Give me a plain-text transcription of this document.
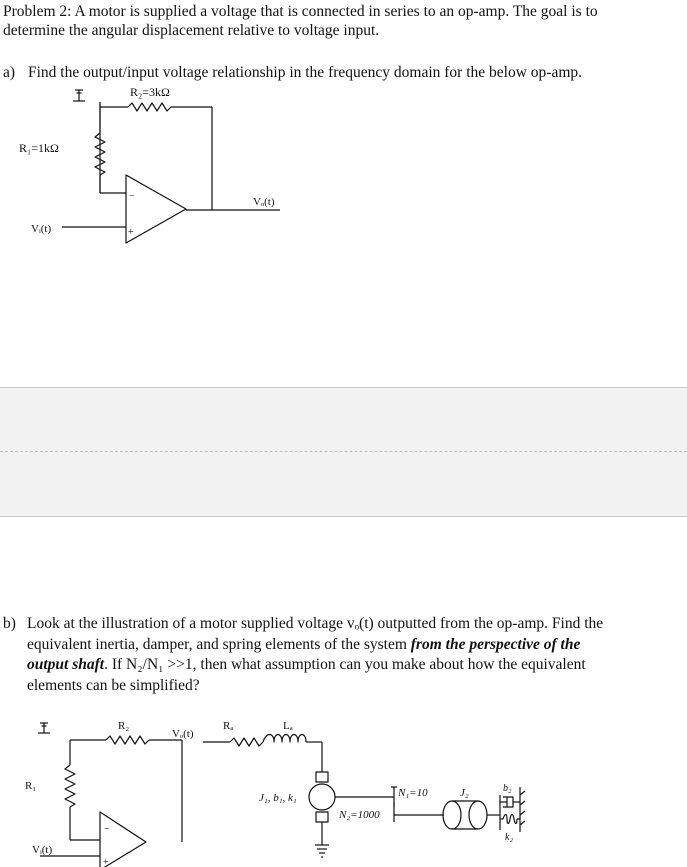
Problem 2: A motor is supplied a voltage that is connected in series to an op-amp. The goal is to
determine the angular displacement relative to voltage input.
a) Find the output/input voltage relationship in the frequency domain for the below op-amp.
R₂=3kΩ
R₁=1kΩ
Vᵢ(t)
Vₒ(t)
−
+
R₂
R₁
Rₐ	Lₐ
Vₒ(t)
Vᵢ(t)
J₁, b₁, k₁	N₁=10
N₂=1000
J₂	b₂
k₂
−
+
b) Look at the illustration of a motor supplied voltage vₒ(t) outputted from the op-amp. Find the
equivalent inertia, damper, and spring elements of the system from the perspective of the
output shaft. If N₂/N₁ >>1, then what assumption can you make about how the equivalent
elements can be simplified?
